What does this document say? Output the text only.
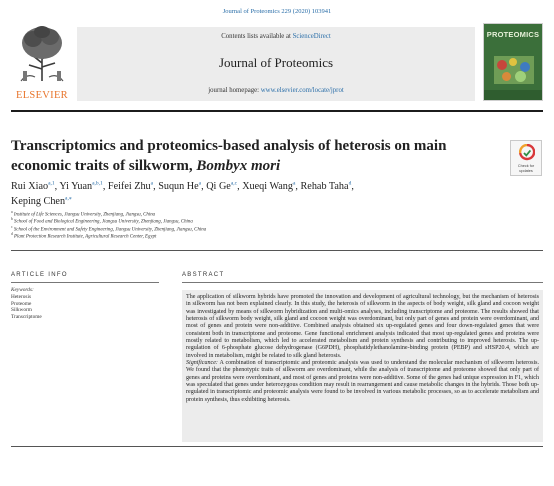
Journal of Proteomics 229 (2020) 103941
ELSEVIER
Contents lists available at ScienceDirect
Journal of Proteomics
journal homepage: www.elsevier.com/locate/jprot
PROTEOMICS
Transcriptomics and proteomics-based analysis of heterosis on main economic traits of silkworm, Bombyx mori	Check for
updates
Rui Xiao$^{a,1}$, Yi Yuan$^{a,b,1}$, Feifei Zhu$^a$, Suqun He$^a$, Qi Ge$^{a,c}$, Xueqi Wang$^a$, Rehab Taha$^d$,
Keping Chen$^{a,⁎}$
$^a$ Institute of Life Sciences, Jiangsu University, Zhenjiang, Jiangsu, China
$^b$ School of Food and Biological Engineering, Jiangsu University, Zhenjiang, Jiangsu, China
$^c$ School of the Environment and Safety Engineering, Jiangsu University, Zhenjiang, Jiangsu, China
$^d$ Plant Protection Research Institute, Agricultural Research Center, Egypt
ARTICLE INFO	ABSTRACT
Keywords:
Heterosis
Proteome
Silkworm
Transcriptome

The application of silkworm hybrids have promoted the innovation and development of agricultural technology, but the mechanism of heterosis in silkworm has not been explained clearly. In this study, the heterosis of silkworm in the aspects of body weight, silk gland and cocoon weight was investigated by means of silkworm hybridization and multi-omics analyses, including transcriptome and proteome. The results showed that heterosis of silkworm body weight, silk gland and cocoon weight was overdominant, but only part of genes and protein were overdominant, and most of genes and protein were non-additive. Combined analysis obtained six up-regulated genes and four down-regulated genes that were consistent both in transcriptome and proteome. Gene functional enrichment analysis indicated that most up-regulated genes and proteins were mostly related to metabolism, which led to accelerated metabolism and protein synthesis and contributing to improved heterosis. The up-regulation of 6-phosphate glucose dehydrogenase (G6PDH), phosphatidylethanolamine-binding protein (PEBP) and sHSP20.4, which are involved in metabolism, might be related to silk gland heterosis.

Significance: A combination of transcriptomic and proteomic analysis was used to understand the molecular mechanism of silkworm heterosis. We found that the phenotypic traits of silkworm are overdominant, while the analysis of transcriptome and proteome showed that only part of genes and proteins were overdominant, and most of genes and proteins were non-additive. Some of the genes had unique expression in F1, which was speculated that genes under heterozygous condition may result in rearrangement and cause metabolic changes in the hybrids. Those both up-regulated in transcriptomic and proteomic analysis were found to be involved in various metabolic processes, so as to accelerate metabolism and protein synthesis, thus exhibiting heterosis.
